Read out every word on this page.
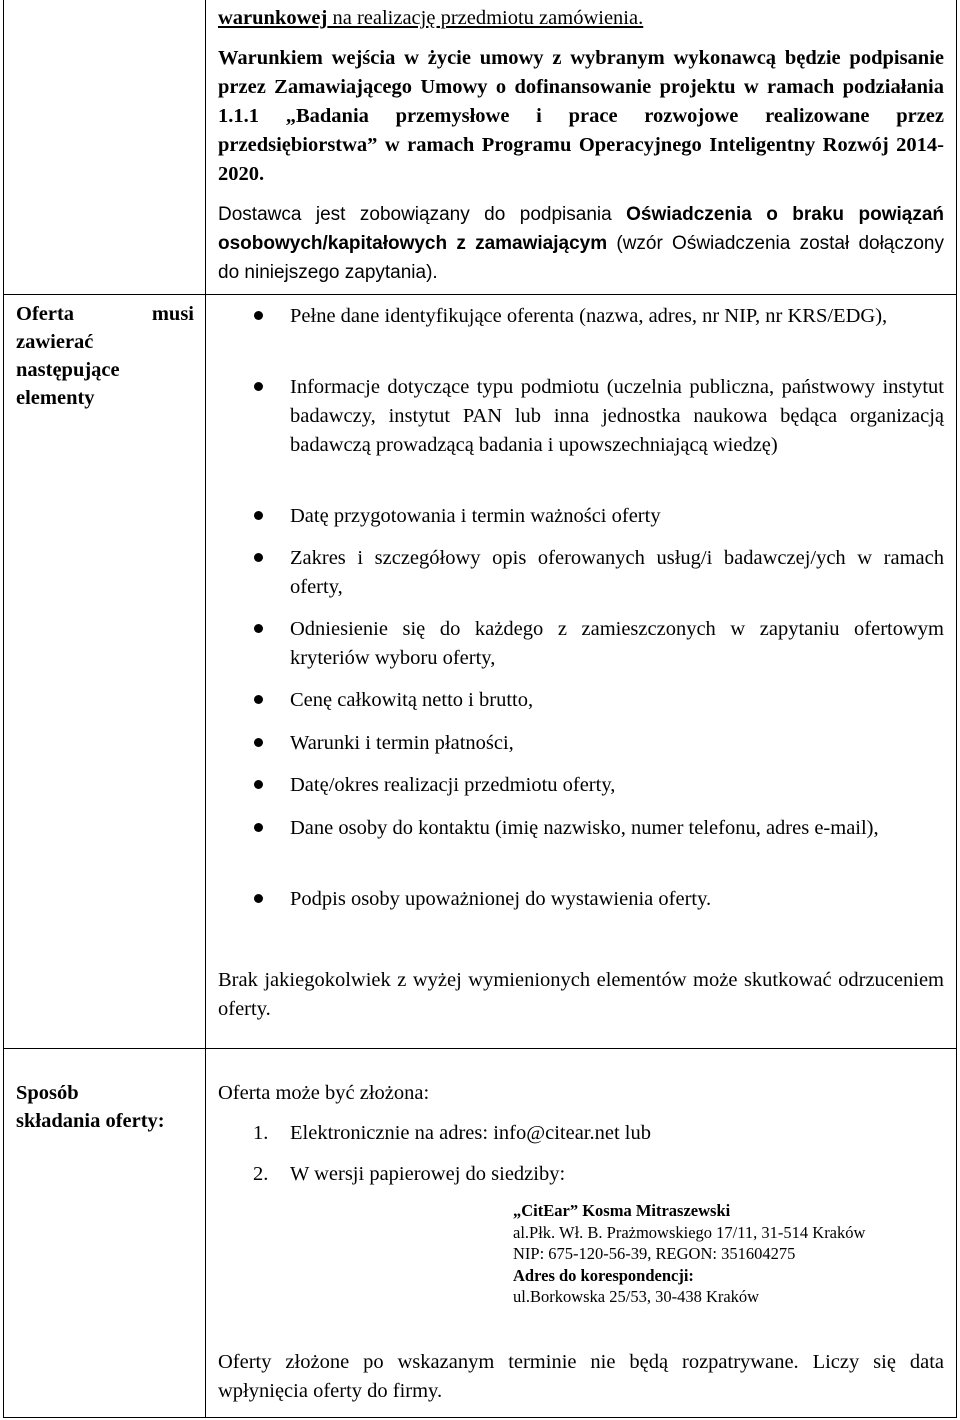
warunkowej na realizację przedmiotu zamówienia.
Warunkiem wejścia w życie umowy z wybranym wykonawcą będzie podpisanie przez Zamawiającego Umowy o dofinansowanie projektu w ramach podziałania 1.1.1 „Badania przemysłowe i prace rozwojowe realizowane przez przedsiębiorstwa” w ramach Programu Operacyjnego Inteligentny Rozwój 2014-2020.
Dostawca jest zobowiązany do podpisania Oświadczenia o braku powiązań osobowych/kapitałowych z zamawiającym (wzór Oświadczenia został dołączony do niniejszego zapytania).
Oferta musi zawierać następujące elementy
Pełne dane identyfikujące oferenta (nazwa, adres, nr NIP, nr KRS/EDG),
Informacje dotyczące typu podmiotu (uczelnia publiczna, państwowy instytut badawczy, instytut PAN lub inna jednostka naukowa będąca organizacją badawczą prowadzącą badania i upowszechniającą wiedzę)
Datę przygotowania i termin ważności oferty
Zakres i szczegółowy opis oferowanych usług/i badawczej/ych w ramach oferty,
Odniesienie się do każdego z zamieszczonych w zapytaniu ofertowym kryteriów wyboru oferty,
Cenę całkowitą netto i brutto,
Warunki i termin płatności,
Datę/okres realizacji przedmiotu oferty,
Dane osoby do kontaktu (imię nazwisko, numer telefonu, adres e-mail),
Podpis osoby upoważnionej do wystawienia oferty.
Brak jakiegokolwiek z wyżej wymienionych elementów może skutkować odrzuceniem oferty.
Sposób składania oferty:
Oferta może być złożona:
1. Elektronicznie na adres: info@citear.net lub
2. W wersji papierowej do siedziby:
„CitEar” Kosma Mitraszewski
al.Płk. Wł. B. Prażmowskiego 17/11, 31-514 Kraków
NIP: 675-120-56-39, REGON: 351604275
Adres do korespondencji:
ul.Borkowska 25/53, 30-438 Kraków
Oferty złożone po wskazanym terminie nie będą rozpatrywane. Liczy się data wpłynięcia oferty do firmy.
